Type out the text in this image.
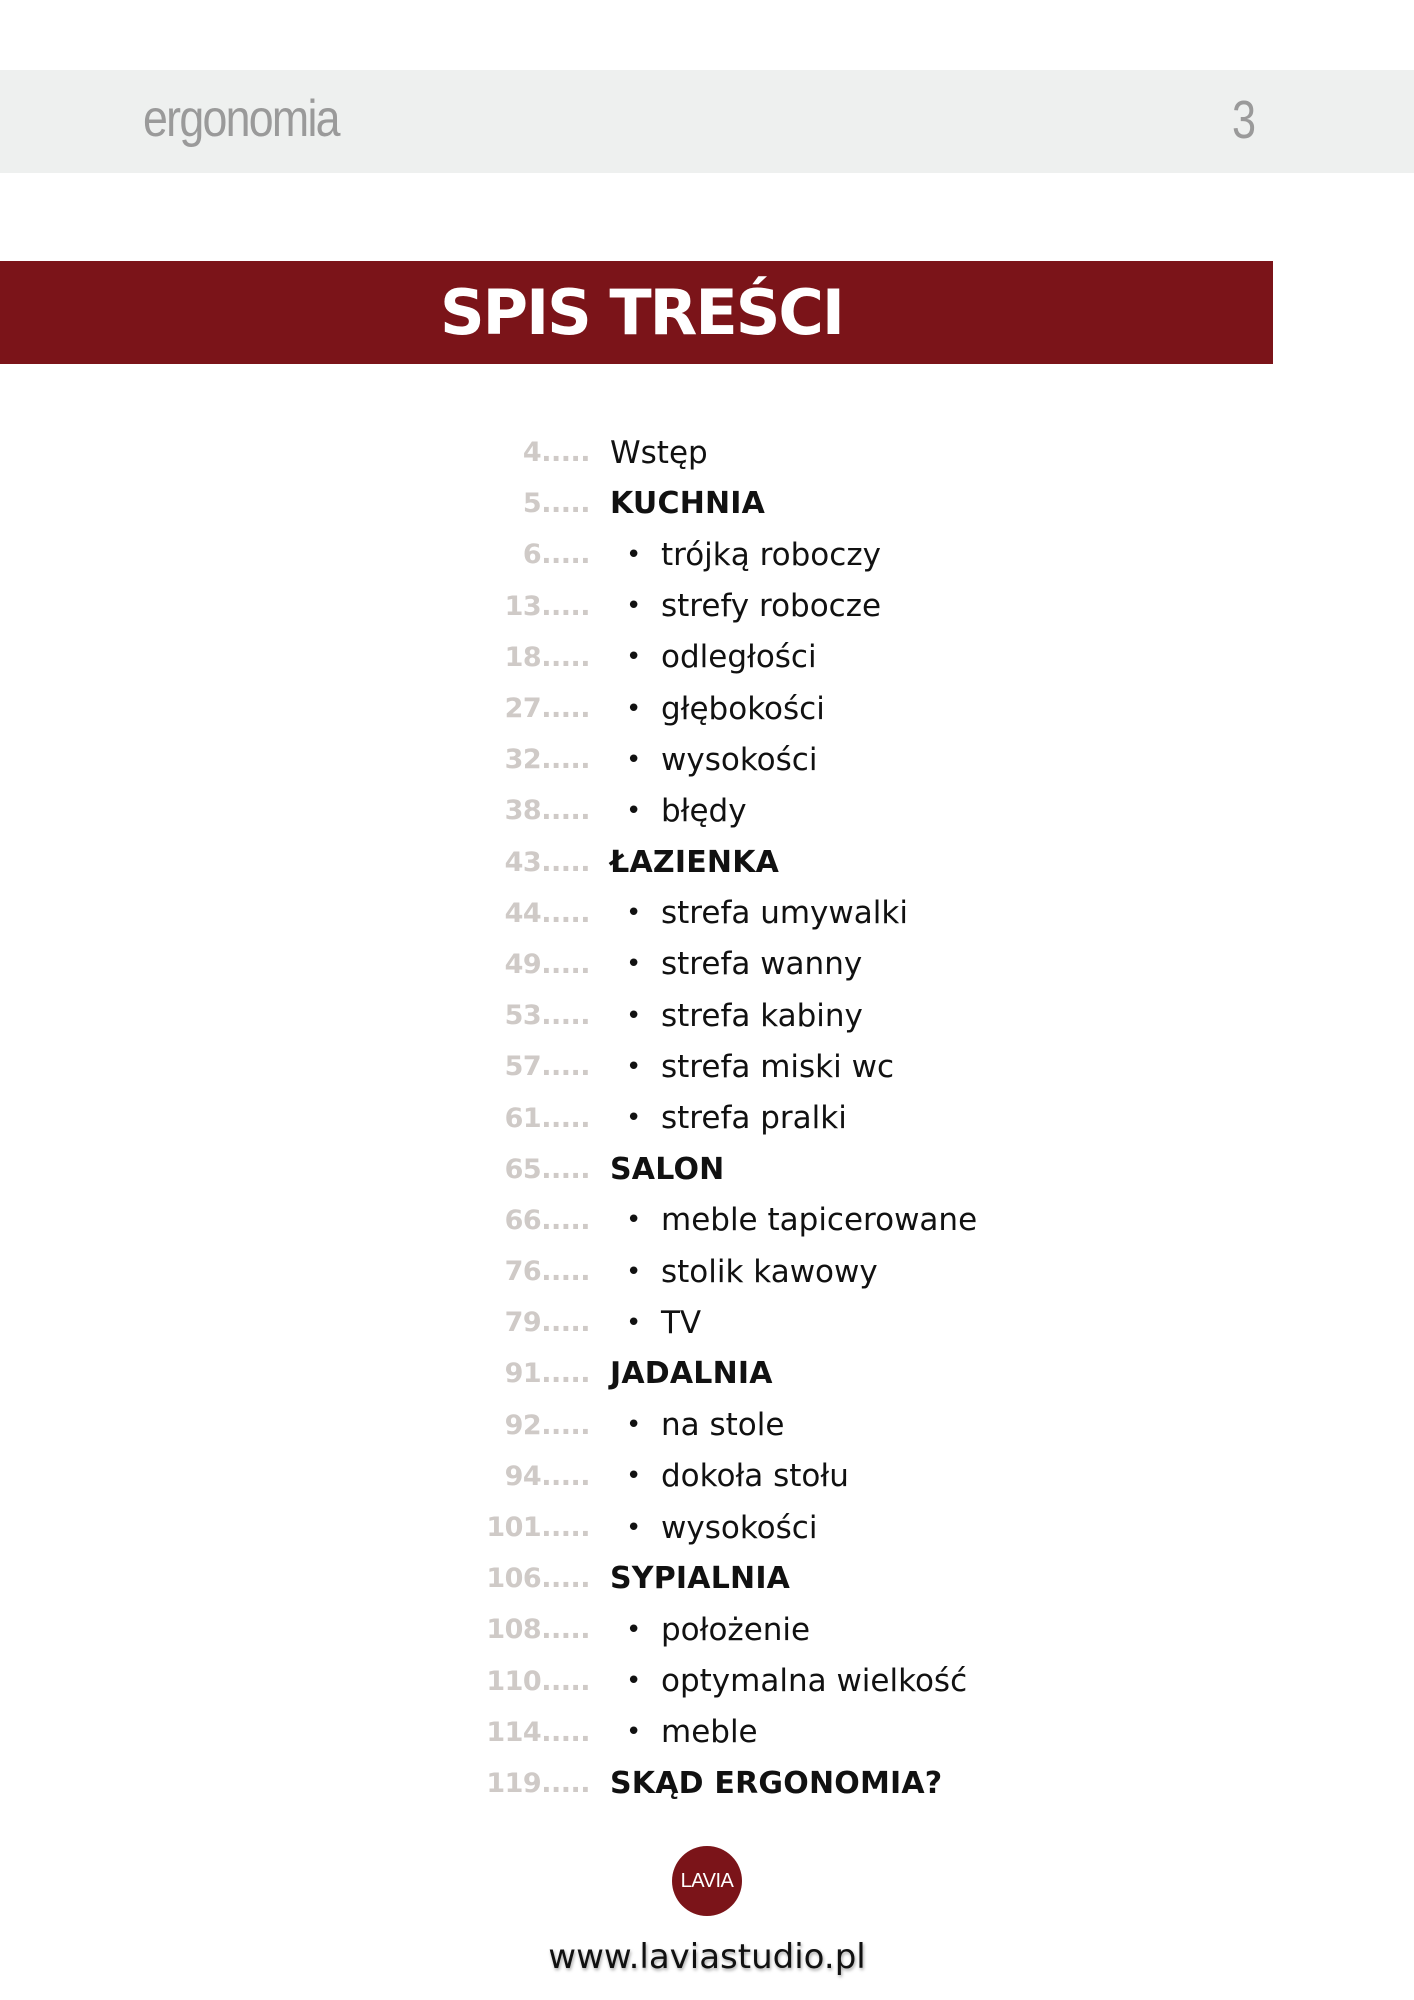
ergonomia	3
SPIS TREŚCI
4 ..... Wstęp
5 ..... KUCHNIA
6 ..... • trójką roboczy
13 ..... • strefy robocze
18 ..... • odległości
27 ..... • głębokości
32 ..... • wysokości
38 ..... • błędy
43 ..... ŁAZIENKA
44 ..... • strefa umywalki
49 ..... • strefa wanny
53 ..... • strefa kabiny
57 ..... • strefa miski wc
61 ..... • strefa pralki
65 ..... SALON
66 ..... • meble tapicerowane
76 ..... • stolik kawowy
79 ..... • TV
91 ..... JADALNIA
92 ..... • na stole
94 ..... • dokoła stołu
101 ..... • wysokości
106 ..... SYPIALNIA
108 ..... • położenie
110 ..... • optymalna wielkość
114 ..... • meble
119 ..... SKĄD ERGONOMIA?
LAVIA
www.laviastudio.pl
